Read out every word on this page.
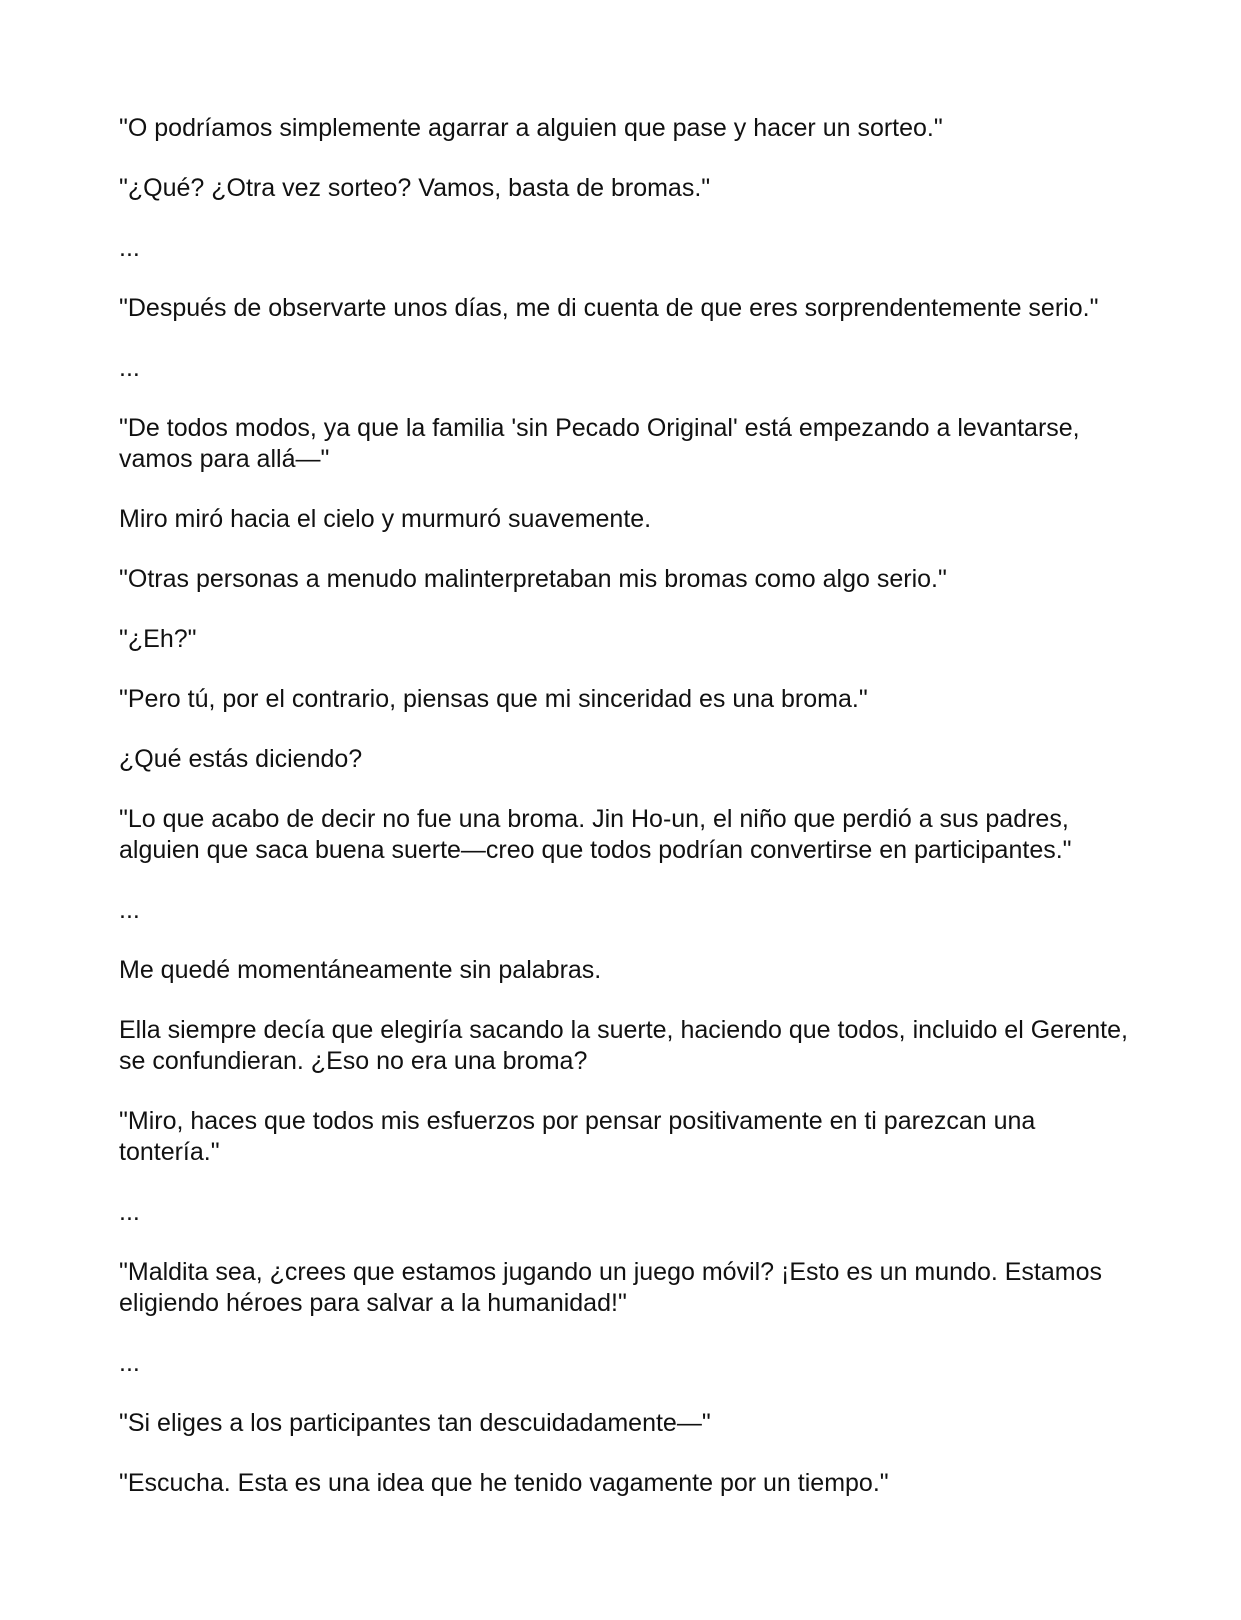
"O podríamos simplemente agarrar a alguien que pase y hacer un sorteo."

"¿Qué? ¿Otra vez sorteo? Vamos, basta de bromas."

...

"Después de observarte unos días, me di cuenta de que eres sorprendentemente serio."

...

"De todos modos, ya que la familia 'sin Pecado Original' está empezando a levantarse, vamos para allá—"

Miro miró hacia el cielo y murmuró suavemente.

"Otras personas a menudo malinterpretaban mis bromas como algo serio."

"¿Eh?"

"Pero tú, por el contrario, piensas que mi sinceridad es una broma."

¿Qué estás diciendo?

"Lo que acabo de decir no fue una broma. Jin Ho-un, el niño que perdió a sus padres, alguien que saca buena suerte—creo que todos podrían convertirse en participantes."

...

Me quedé momentáneamente sin palabras.

Ella siempre decía que elegiría sacando la suerte, haciendo que todos, incluido el Gerente, se confundieran. ¿Eso no era una broma?

"Miro, haces que todos mis esfuerzos por pensar positivamente en ti parezcan una tontería."

...

"Maldita sea, ¿crees que estamos jugando un juego móvil? ¡Esto es un mundo. Estamos eligiendo héroes para salvar a la humanidad!"

...

"Si eliges a los participantes tan descuidadamente—"

"Escucha. Esta es una idea que he tenido vagamente por un tiempo."
